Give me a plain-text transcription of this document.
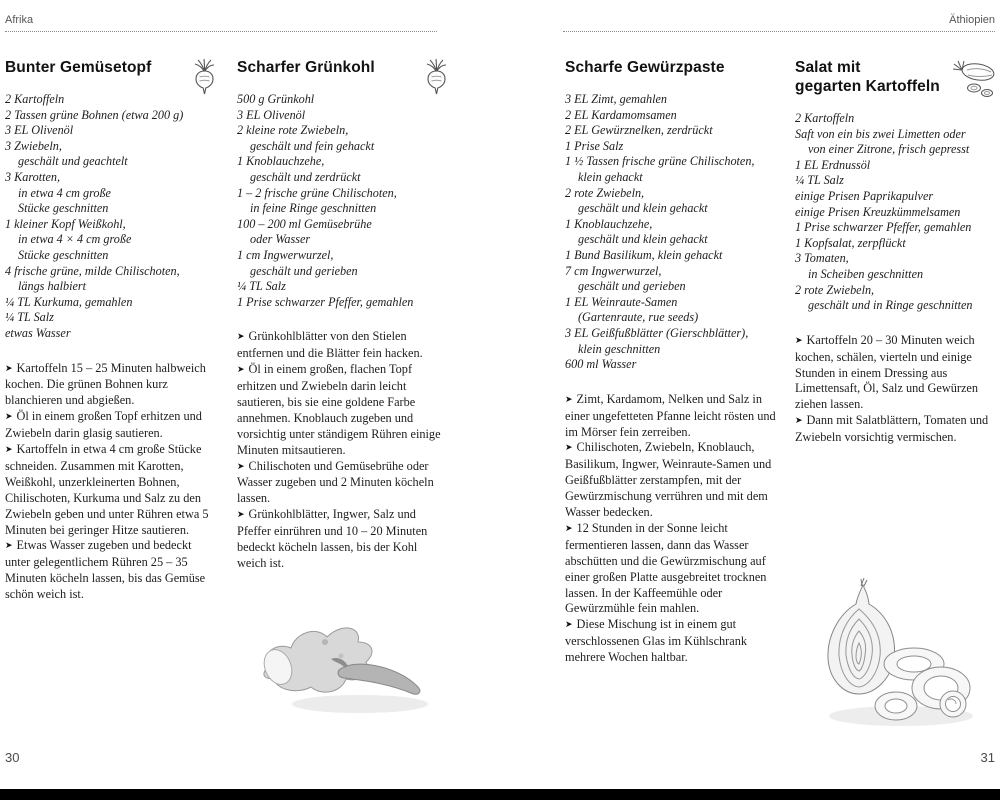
Afrika	Äthiopien
Bunter Gemüsetopf
2 Kartoffeln
2 Tassen grüne Bohnen (etwa 200 g)
3 EL Olivenöl
3 Zwiebeln,
geschält und geachtelt
3 Karotten,
in etwa 4 cm große
Stücke geschnitten
1 kleiner Kopf Weißkohl,
in etwa 4 × 4 cm große
Stücke geschnitten
4 frische grüne, milde Chilischoten,
längs halbiert
¼ TL Kurkuma, gemahlen
¼ TL Salz
etwas Wasser

➤ Kartoffeln 15 – 25 Minuten halbweich kochen. Die grünen Bohnen kurz blanchieren und abgießen.

➤ Öl in einem großen Topf erhitzen und Zwiebeln darin glasig sautieren.

➤ Kartoffeln in etwa 4 cm große Stücke schneiden. Zusammen mit Karotten, Weißkohl, unzerkleinerten Bohnen, Chilischoten, Kurkuma und Salz zu den Zwiebeln geben und unter Rühren etwa 5 Minuten bei geringer Hitze sautieren.

➤ Etwas Wasser zugeben und bedeckt unter gelegentlichem Rühren 25 – 35 Minuten köcheln lassen, bis das Gemüse schön weich ist.

Scharfer Grünkohl
500 g Grünkohl
3 EL Olivenöl
2 kleine rote Zwiebeln,
geschält und fein gehackt
1 Knoblauchzehe,
geschält und zerdrückt
1 – 2 frische grüne Chilischoten,
in feine Ringe geschnitten
100 – 200 ml Gemüsebrühe
oder Wasser
1 cm Ingwerwurzel,
geschält und gerieben
¼ TL Salz
1 Prise schwarzer Pfeffer, gemahlen

➤ Grünkohlblätter von den Stielen entfernen und die Blätter fein hacken.

➤ Öl in einem großen, flachen Topf erhitzen und Zwiebeln darin leicht sautieren, bis sie eine goldene Farbe annehmen. Knoblauch zugeben und vorsichtig unter ständigem Rühren einige Minuten mitsautieren.

➤ Chilischoten und Gemüsebrühe oder Wasser zugeben und 2 Minuten köcheln lassen.

➤ Grünkohlblätter, Ingwer, Salz und Pfeffer einrühren und 10 – 20 Minuten bedeckt köcheln lassen, bis der Kohl weich ist.

Scharfe Gewürzpaste
3 EL Zimt, gemahlen
2 EL Kardamomsamen
2 EL Gewürznelken, zerdrückt
1 Prise Salz
1 ½ Tassen frische grüne Chilischoten,
klein gehackt
2 rote Zwiebeln,
geschält und klein gehackt
1 Knoblauchzehe,
geschält und klein gehackt
1 Bund Basilikum, klein gehackt
7 cm Ingwerwurzel,
geschält und gerieben
1 EL Weinraute-Samen
(Gartenraute, rue seeds)
3 EL Geißfußblätter (Gierschblätter),
klein geschnitten
600 ml Wasser

➤ Zimt, Kardamom, Nelken und Salz in einer ungefetteten Pfanne leicht rösten und im Mörser fein zerreiben.

➤ Chilischoten, Zwiebeln, Knoblauch, Basilikum, Ingwer, Weinraute-Samen und Geißfußblätter zerstampfen, mit der Gewürzmischung verrühren und mit dem Wasser bedecken.

➤ 12 Stunden in der Sonne leicht fermentieren lassen, dann das Wasser abschütten und die Gewürzmischung auf einer großen Platte ausgebreitet trocknen lassen. In der Kaffeemühle oder Gewürzmühle fein mahlen.

➤ Diese Mischung ist in einem gut verschlossenen Glas im Kühlschrank mehrere Wochen haltbar.

Salat mit
gegarten Kartoffeln
2 Kartoffeln
Saft von ein bis zwei Limetten oder
von einer Zitrone, frisch gepresst
1 EL Erdnussöl
¼ TL Salz
einige Prisen Paprikapulver
einige Prisen Kreuzkümmelsamen
1 Prise schwarzer Pfeffer, gemahlen
1 Kopfsalat, zerpflückt
3 Tomaten,
in Scheiben geschnitten
2 rote Zwiebeln,
geschält und in Ringe geschnitten

➤ Kartoffeln 20 – 30 Minuten weich kochen, schälen, vierteln und einige Stunden in einem Dressing aus Limettensaft, Öl, Salz und Gewürzen ziehen lassen.

➤ Dann mit Salatblättern, Tomaten und Zwiebeln vorsichtig vermischen.

30	31
